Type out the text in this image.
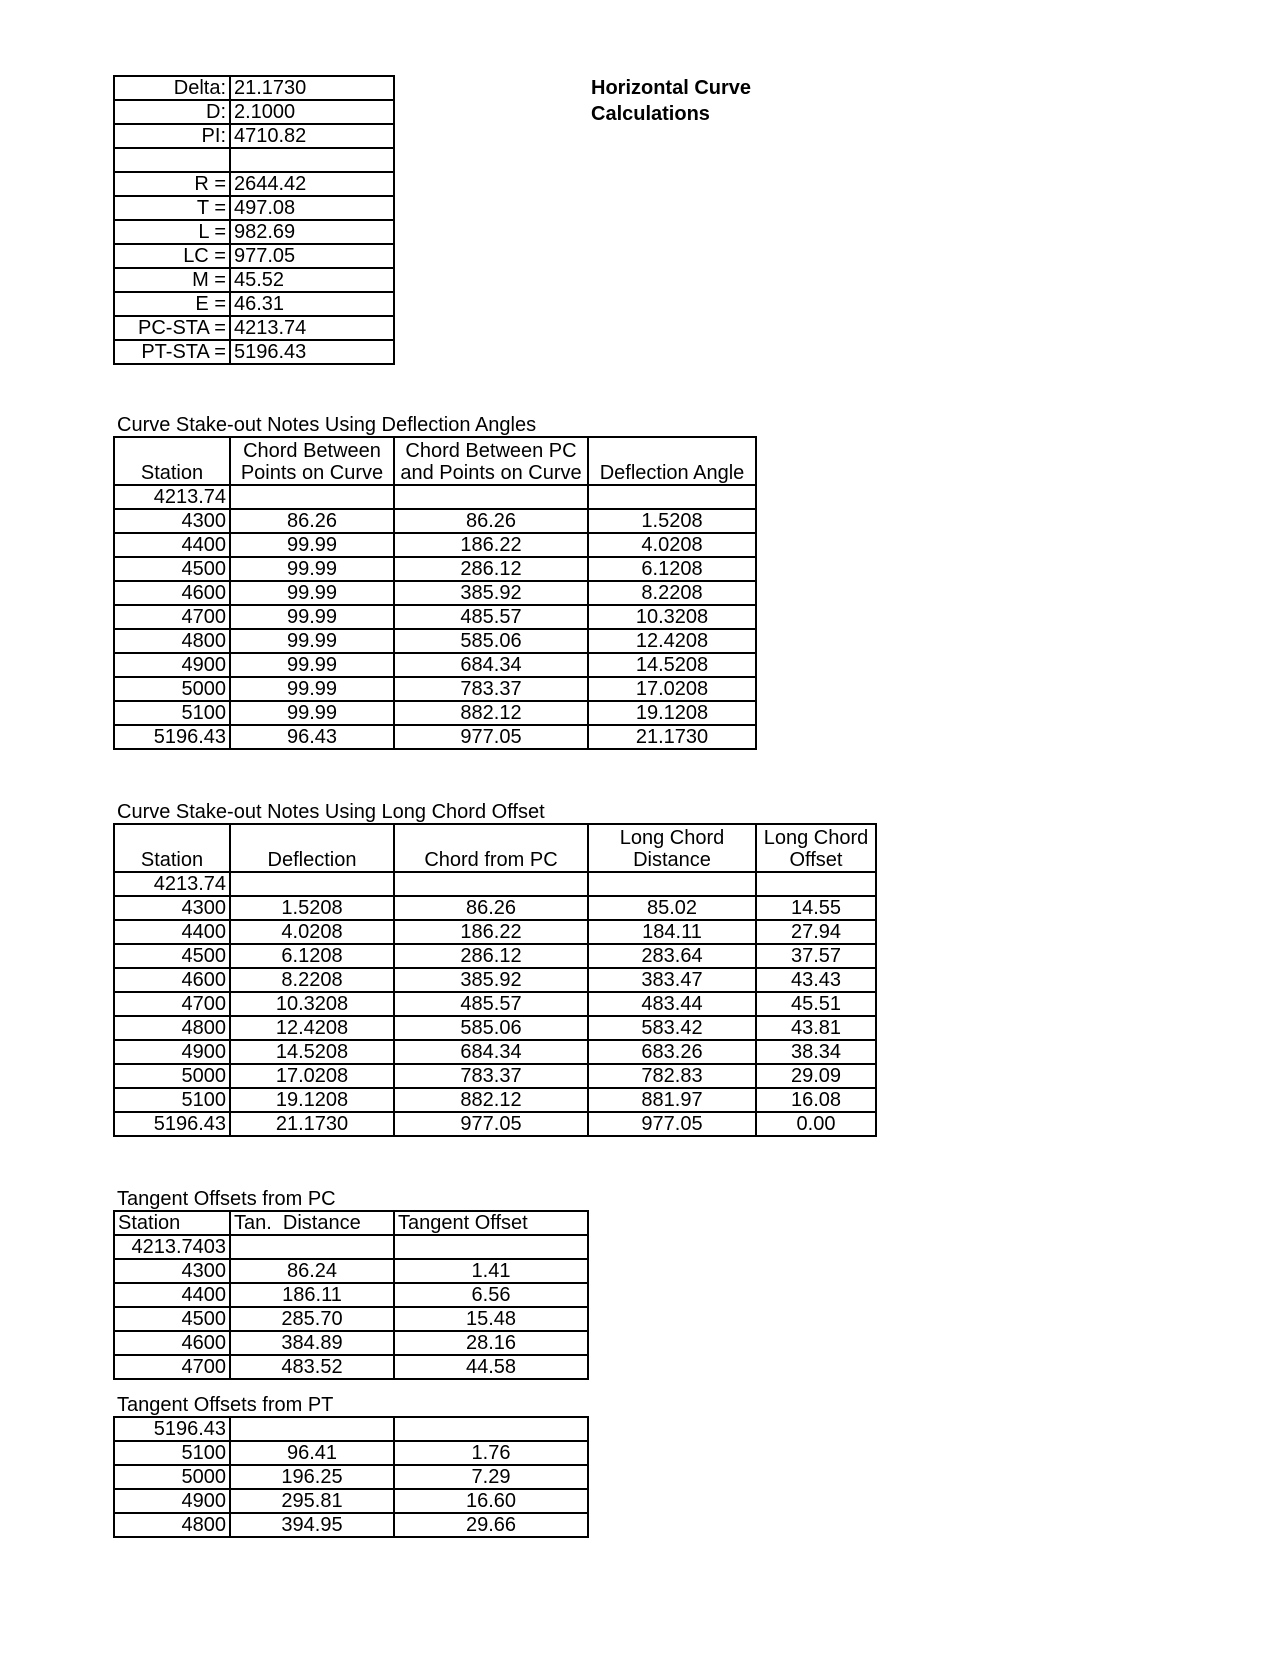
Horizontal Curve
Calculations
Delta:	21.1730
D:	2.1000
PI:	4710.82

R =	2644.42
T =	497.08
L =	982.69
LC =	977.05
M =	45.52
E =	46.31
PC-STA =	4213.74
PT-STA =	5196.43
Curve Stake-out Notes Using Deflection Angles
Station	Chord Between Points on Curve	Chord Between PC and Points on Curve	Deflection Angle
4213.74			
4300	86.26	86.26	1.5208
4400	99.99	186.22	4.0208
4500	99.99	286.12	6.1208
4600	99.99	385.92	8.2208
4700	99.99	485.57	10.3208
4800	99.99	585.06	12.4208
4900	99.99	684.34	14.5208
5000	99.99	783.37	17.0208
5100	99.99	882.12	19.1208
5196.43	96.43	977.05	21.1730
Curve Stake-out Notes Using Long Chord Offset
Station	Deflection	Chord from PC	Long Chord Distance	Long Chord Offset
4213.74				
4300	1.5208	86.26	85.02	14.55
4400	4.0208	186.22	184.11	27.94
4500	6.1208	286.12	283.64	37.57
4600	8.2208	385.92	383.47	43.43
4700	10.3208	485.57	483.44	45.51
4800	12.4208	585.06	583.42	43.81
4900	14.5208	684.34	683.26	38.34
5000	17.0208	783.37	782.83	29.09
5100	19.1208	882.12	881.97	16.08
5196.43	21.1730	977.05	977.05	0.00
Tangent Offsets from PC
Station	Tan.  Distance	Tangent Offset
4213.7403		
4300	86.24	1.41
4400	186.11	6.56
4500	285.70	15.48
4600	384.89	28.16
4700	483.52	44.58
Tangent Offsets from PT
5196.43		
5100	96.41	1.76
5000	196.25	7.29
4900	295.81	16.60
4800	394.95	29.66
